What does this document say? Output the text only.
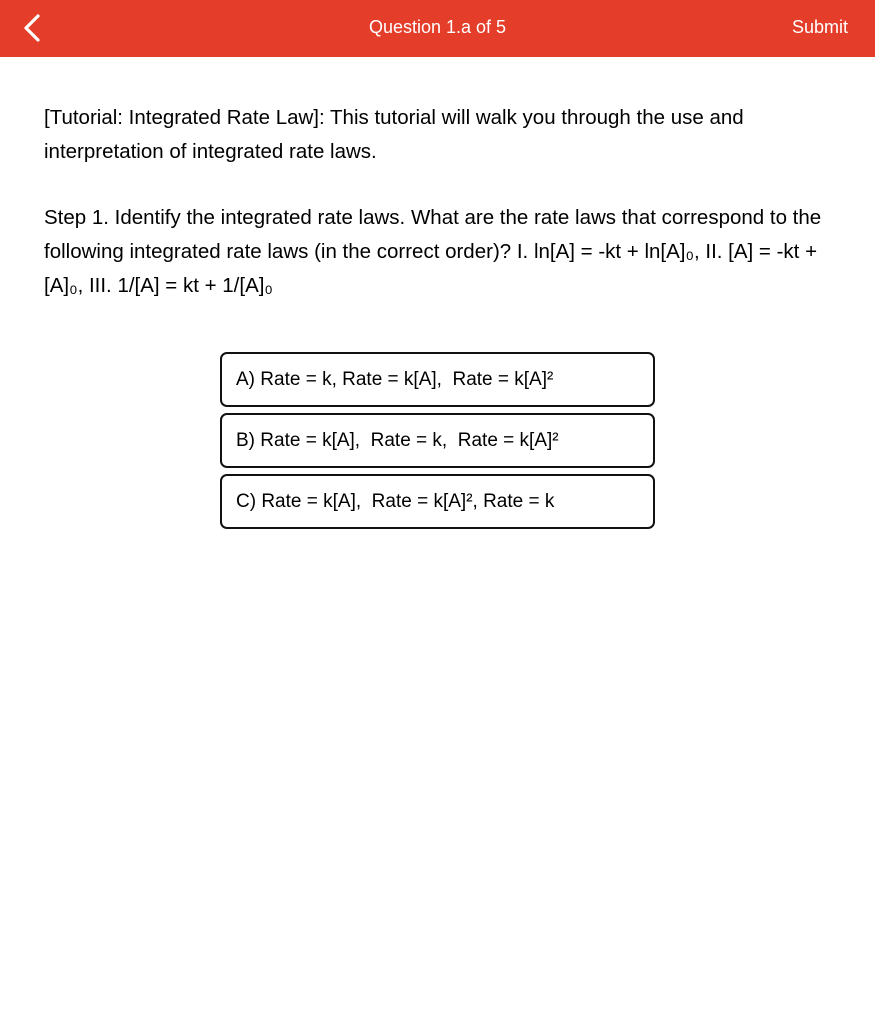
Question 1.a of 5	Submit

[Tutorial: Integrated Rate Law]: This tutorial will walk you through the use and interpretation of integrated rate laws.

Step 1. Identify the integrated rate laws. What are the rate laws that correspond to the following integrated rate laws (in the correct order)? I. ln[A] = -kt + ln[A]₀, II. [A] = -kt +[A]₀, III. 1/[A] = kt + 1/[A]₀

A) Rate = k, Rate = k[A],  Rate = k[A]²
B) Rate = k[A],  Rate = k,  Rate = k[A]²
C) Rate = k[A],  Rate = k[A]², Rate = k
